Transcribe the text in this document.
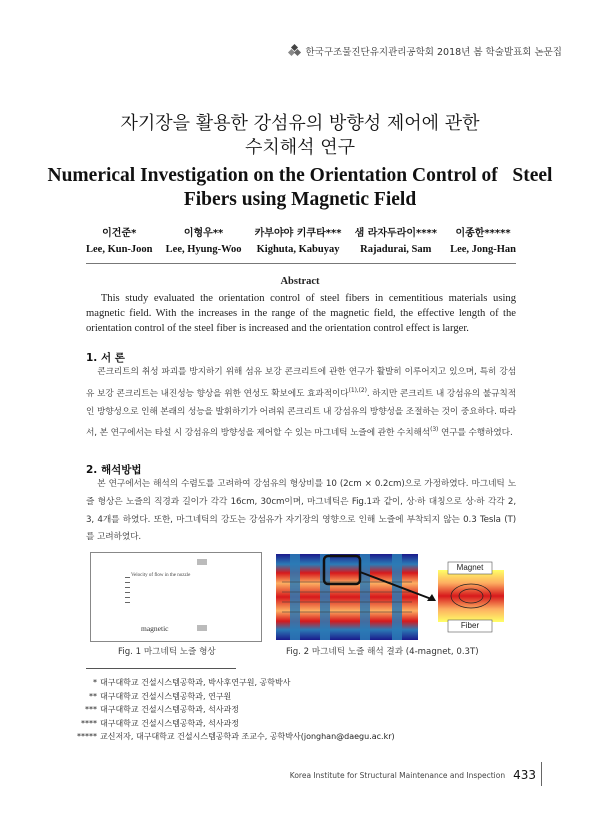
한국구조물진단유지관리공학회 2018년 봄 학술발표회 논문집
자기장을 활용한 강섬유의 방향성 제어에 관한
수치해석 연구
Numerical Investigation on the Orientation Control of   Steel
Fibers using Magnetic Field
이건준*
Lee, Kun-Joon
이형우**
Lee, Hyung-Woo
카부야야 키쿠타***
Kighuta, Kabuyay
샘 라자두라이****
Rajadurai, Sam
이종한*****
Lee, Jong-Han
Abstract
This study evaluated the orientation control of steel fibers in cementitious materials using magnetic field. With the increases in the range of the magnetic field, the effective length of the orientation control of the steel fiber is increased and the orientation control effect is larger.
1. 서 론
콘크리트의 취성 파괴를 방지하기 위해 섬유 보강 콘크리트에 관한 연구가 활발히 이루어지고 있으며, 특히 강섬유 보강 콘크리트는 내진성능 향상을 위한 연성도 확보에도 효과적이다$^{(1),(2)}$. 하지만 콘크리트 내 강섬유의 불규칙적인 방향성으로 인해 본래의 성능을 발휘하기가 어려워 콘크리트 내 강섬유의 방향성을 조절하는 것이 중요하다. 따라서, 본 연구에서는 타설 시 강섬유의 방향성을 제어할 수 있는 마그네틱 노즐에 관한 수치해석$^{(3)}$ 연구를 수행하였다.
2. 해석방법
본 연구에서는 해석의 수렴도를 고려하여 강섬유의 형상비를 10 (2cm × 0.2cm)으로 가정하였다. 마그네틱 노즐 형상은 노즐의 직경과 길이가 각각 16cm, 30cm이며, 마그네틱은 Fig.1과 같이, 상·하 대칭으로 상·하 각각 2, 3, 4개를 하였다. 또한, 마그네틱의 강도는 강섬유가 자기장의 영향으로 인해 노즐에 부착되지 않는 0.3 Tesla (T) 를 고려하였다.
Velocity of flow in the nozzle
magnetic
Fig. 1 마그네틱 노즐 형상
Magnet
Fiber
Fig. 2 마그네틱 노즐 해석 결과 (4-magnet, 0.3T)
* 대구대학교 건설시스템공학과, 박사후연구원, 공학박사
** 대구대학교 건설시스템공학과, 연구원
*** 대구대학교 건설시스템공학과, 석사과정
**** 대구대학교 건설시스템공학과, 석사과정
***** 교신저자, 대구대학교 건설시스템공학과 조교수, 공학박사(jonghan@daegu.ac.kr)
Korea Institute for Structural Maintenance and Inspection 433
